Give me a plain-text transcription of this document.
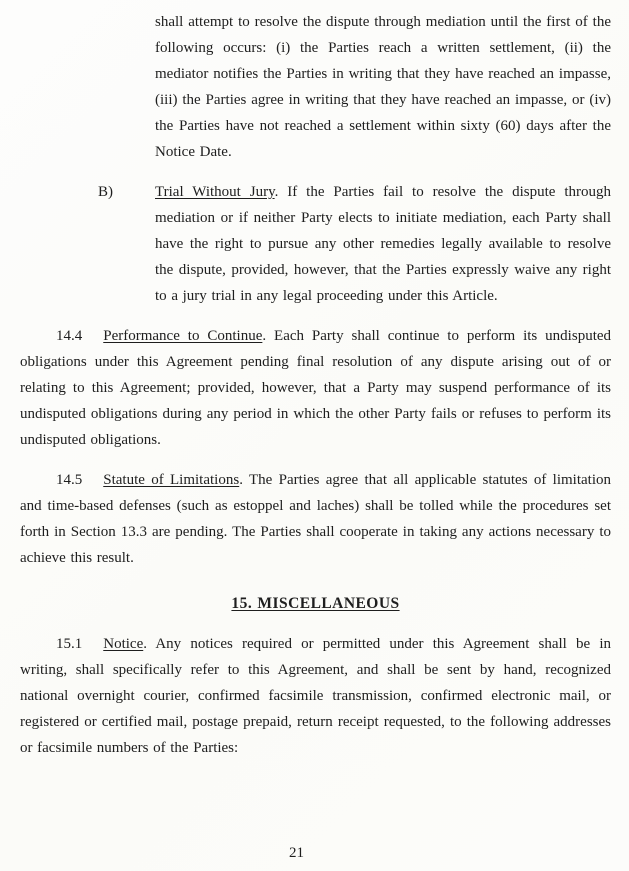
shall attempt to resolve the dispute through mediation until the first of the following occurs: (i) the Parties reach a written settlement, (ii) the mediator notifies the Parties in writing that they have reached an impasse, (iii) the Parties agree in writing that they have reached an impasse, or (iv) the Parties have not reached a settlement within sixty (60) days after the Notice Date.

B)	Trial Without Jury. If the Parties fail to resolve the dispute through mediation or if neither Party elects to initiate mediation, each Party shall have the right to pursue any other remedies legally available to resolve the dispute, provided, however, that the Parties expressly waive any right to a jury trial in any legal proceeding under this Article.

14.4 Performance to Continue. Each Party shall continue to perform its undisputed obligations under this Agreement pending final resolution of any dispute arising out of or relating to this Agreement; provided, however, that a Party may suspend performance of its undisputed obligations during any period in which the other Party fails or refuses to perform its undisputed obligations.

14.5 Statute of Limitations. The Parties agree that all applicable statutes of limitation and time-based defenses (such as estoppel and laches) shall be tolled while the procedures set forth in Section 13.3 are pending. The Parties shall cooperate in taking any actions necessary to achieve this result.

15. MISCELLANEOUS

15.1 Notice. Any notices required or permitted under this Agreement shall be in writing, shall specifically refer to this Agreement, and shall be sent by hand, recognized national overnight courier, confirmed facsimile transmission, confirmed electronic mail, or registered or certified mail, postage prepaid, return receipt requested, to the following addresses or facsimile numbers of the Parties:

21
